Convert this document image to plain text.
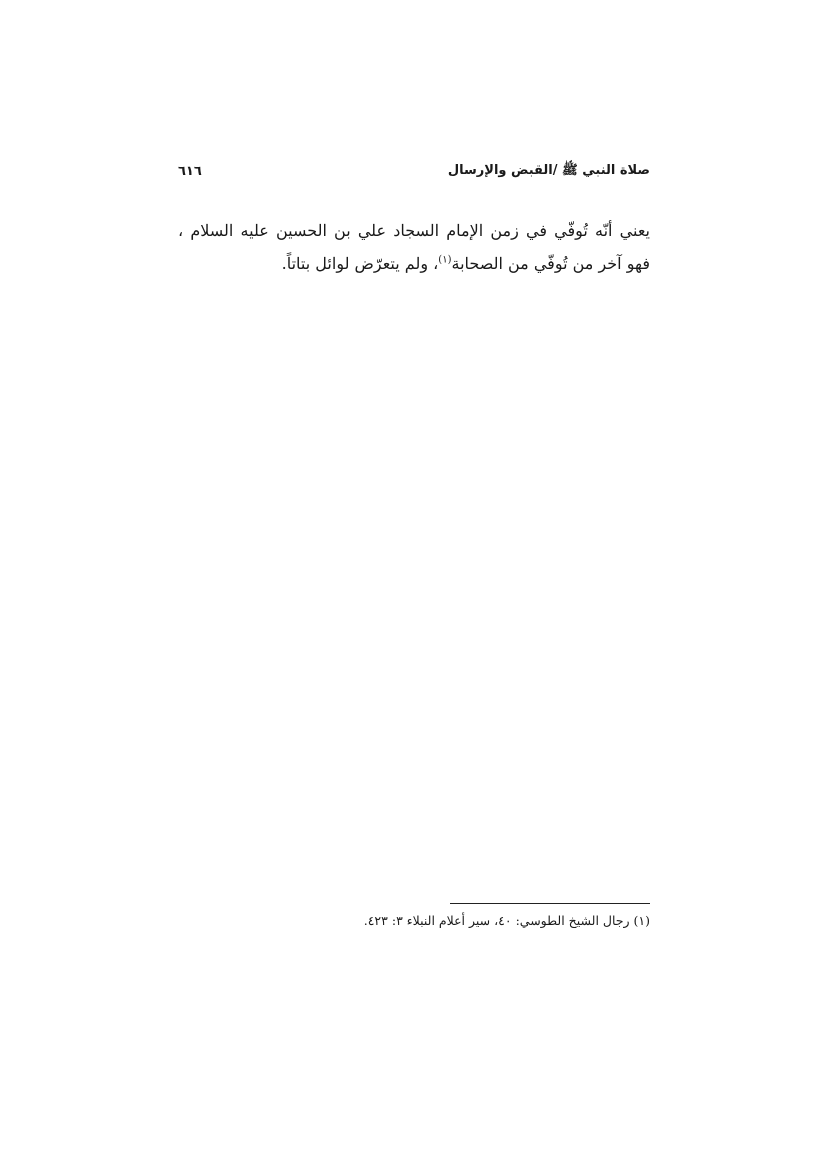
صلاة النبي ﷺ /القبض والإرسال
٦١٦

يعني أنّه تُوفّي في زمن الإمام السجاد علي بن الحسين عليه السلام ، فهو آخر من تُوفّي من الصحابة$^{(١)}$، ولم يتعرّض لوائل بتاتاً.

(١) رجال الشيخ الطوسي: ٤٠، سير أعلام النبلاء ٣: ٤٢٣.
